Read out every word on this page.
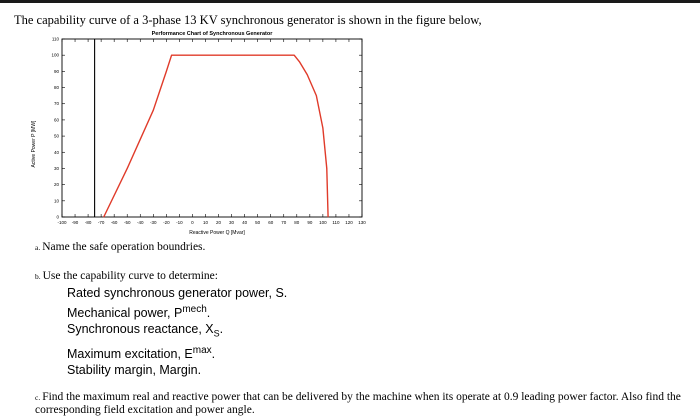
The capability curve of a 3-phase 13 KV synchronous generator is shown in the figure below,
Performance Chart of Synchronous Generator
-100 -90 -80 -70 -60 -50 -40 -30 -20 -10 0 10 20 30 40 50 60 70 80 90 100 110 120 130
0
10
20
30
40
50
60
70
80
90
100
110
Reactive Power Q [Mvar]
Active Power P [MW]
a. Name the safe operation boundries.
b. Use the capability curve to determine:
Rated synchronous generator power, S.
Mechanical power, $P^{mech}$.
Synchronous reactance, $X_S$.
Maximum excitation, $E^{max}$.
Stability margin, Margin.
c. Find the maximum real and reactive power that can be delivered by the machine when its operate at 0.9 leading power factor. Also find the corresponding field excitation and power angle.
